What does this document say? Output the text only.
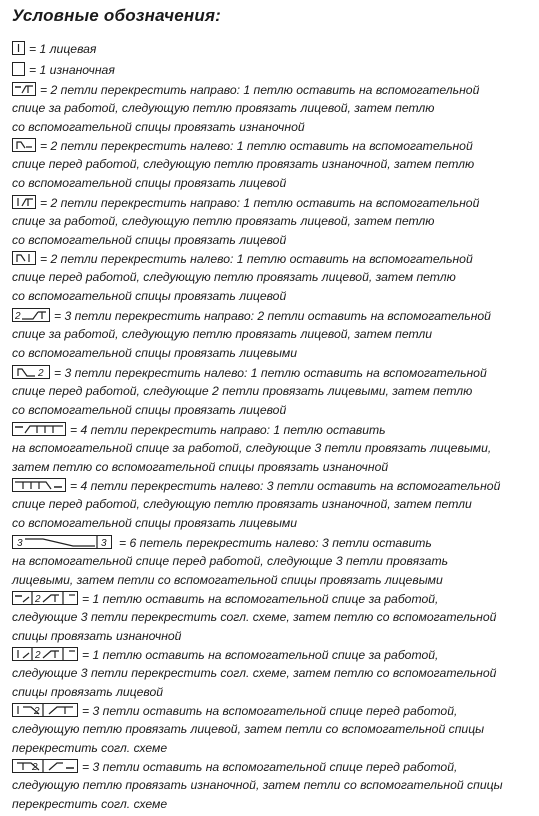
Условные обозначения:
= 1 лицевая
= 1 изнаночная
= 2 петли перекрестить направо: 1 петлю оставить на вспомогательной
спице за работой, следующую петлю провязать лицевой, затем петлю
со вспомогательной спицы провязать изнаночной
= 2 петли перекрестить налево: 1 петлю оставить на вспомогательной
спице перед работой, следующую петлю провязать изнаночной, затем петлю
со вспомогательной спицы провязать лицевой
= 2 петли перекрестить направо: 1 петлю оставить на вспомогательной
спице за работой, следующую петлю провязать лицевой, затем петлю
со вспомогательной спицы провязать лицевой
= 2 петли перекрестить налево: 1 петлю оставить на вспомогательной
спице перед работой, следующую петлю провязать лицевой, затем петлю
со вспомогательной спицы провязать лицевой
2	= 3 петли перекрестить направо: 2 петли оставить на вспомогательной
спице за работой, следующую петлю провязать лицевой, затем петли
со вспомогательной спицы провязать лицевыми
2 = 3 петли перекрестить налево: 1 петлю оставить на вспомогательной
спице перед работой, следующие 2 петли провязать лицевыми, затем петлю
со вспомогательной спицы провязать лицевой
= 4 петли перекрестить направо: 1 петлю оставить
на вспомогательной спице за работой, следующие 3 петли провязать лицевыми,
затем петлю со вспомогательной спицы провязать изнаночной
= 4 петли перекрестить налево: 3 петли оставить на вспомогательной
спице перед работой, следующую петлю провязать изнаночной, затем петли
со вспомогательной спицы провязать лицевыми
3	3 = 6 петель перекрестить налево: 3 петли оставить
на вспомогательной спице перед работой, следующие 3 петли провязать
лицевыми, затем петли со вспомогательной спицы провязать лицевыми
2	= 1 петлю оставить на вспомогательной спице за работой,
следующие 3 петли перекрестить согл. схеме, затем петлю со вспомогательной
спицы провязать изнаночной
2	= 1 петлю оставить на вспомогательной спице за работой,
следующие 3 петли перекрестить согл. схеме, затем петлю со вспомогательной
спицы провязать лицевой
2	= 3 петли оставить на вспомогательной спице перед работой,
следующую петлю провязать лицевой, затем петли со вспомогательной спицы
перекрестить согл. схеме
2	= 3 петли оставить на вспомогательной спице перед работой,
следующую петлю провязать изнаночной, затем петли со вспомогательной спицы
перекрестить согл. схеме
